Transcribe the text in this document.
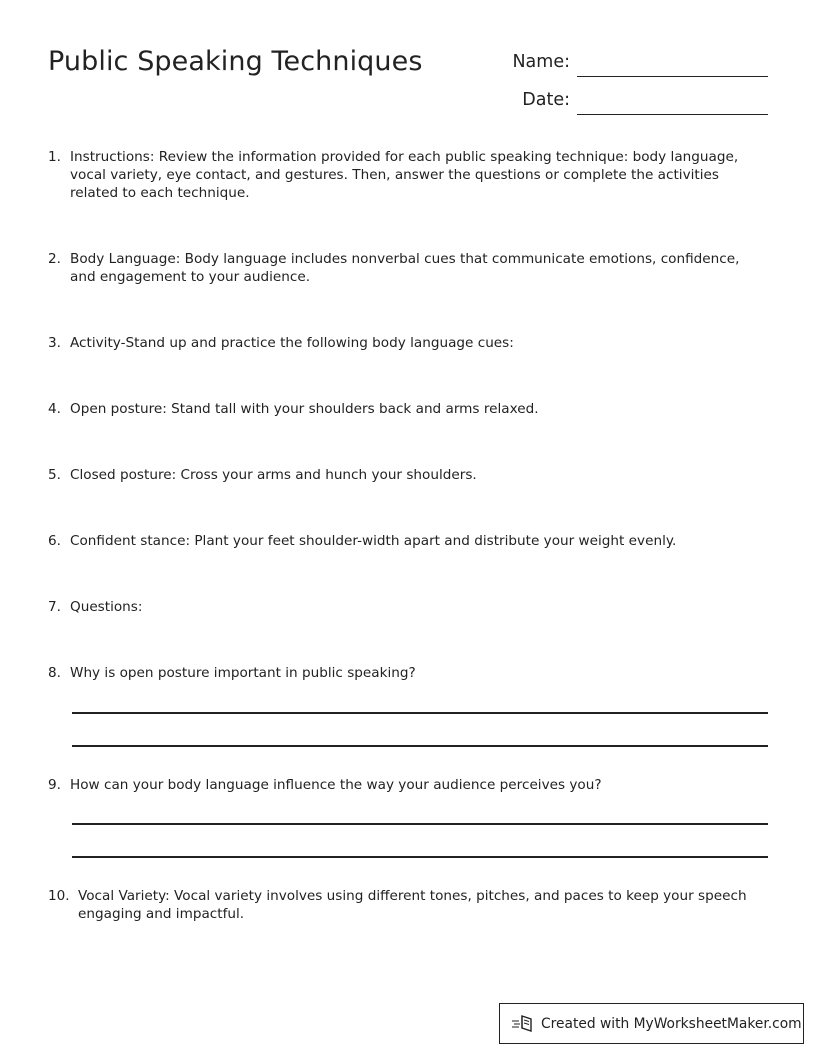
Public Speaking Techniques	Name:
Date:
1. Instructions: Review the information provided for each public speaking technique: body language, vocal variety, eye contact, and gestures. Then, answer the questions or complete the activities related to each technique.
2. Body Language: Body language includes nonverbal cues that communicate emotions, confidence, and engagement to your audience.
3. Activity-Stand up and practice the following body language cues:
4. Open posture: Stand tall with your shoulders back and arms relaxed.
5. Closed posture: Cross your arms and hunch your shoulders.
6. Confident stance: Plant your feet shoulder-width apart and distribute your weight evenly.
7. Questions:
8. Why is open posture important in public speaking?
9. How can your body language influence the way your audience perceives you?
10. Vocal Variety: Vocal variety involves using different tones, pitches, and paces to keep your speech engaging and impactful.
Created with MyWorksheetMaker.com
